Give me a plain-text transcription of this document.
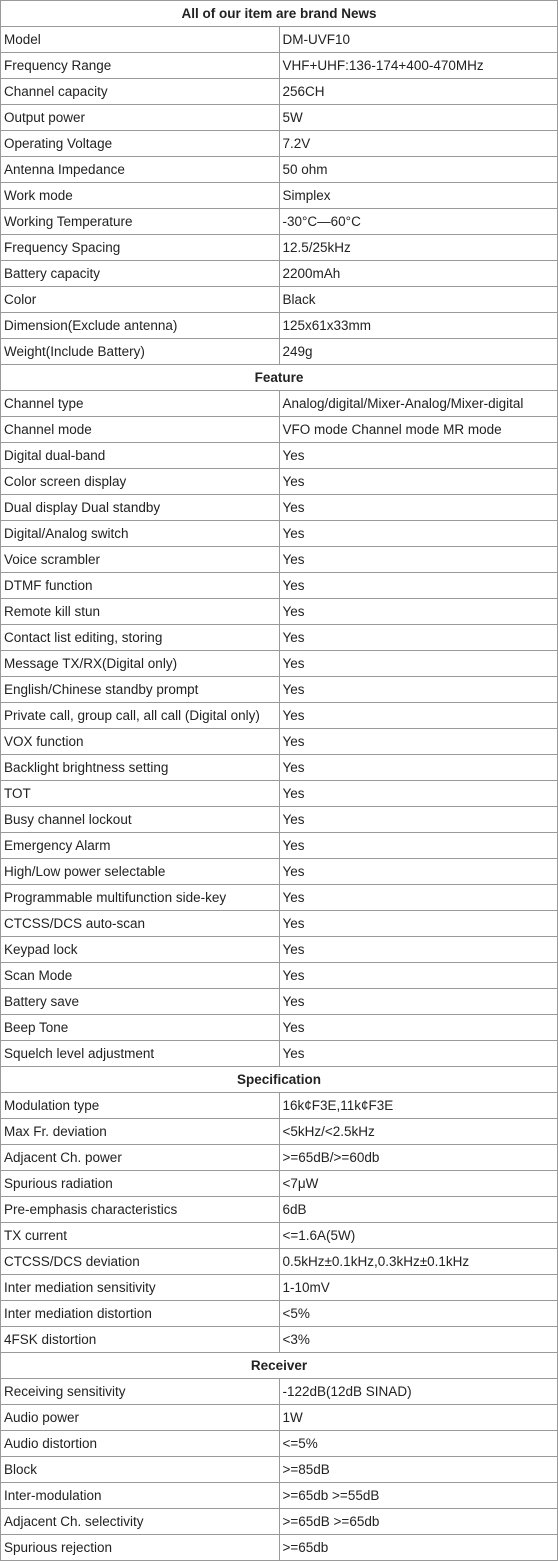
All of our item are brand News	
Model	DM-UVF10
Frequency Range	VHF+UHF:136-174+400-470MHz
Channel capacity	256CH
Output power	5W
Operating Voltage	7.2V
Antenna Impedance	50 ohm
Work mode	Simplex
Working Temperature	-30°C—60°C
Frequency Spacing	12.5/25kHz
Battery capacity	2200mAh
Color	Black
Dimension(Exclude antenna)	125x61x33mm
Weight(Include Battery)	249g
Feature	
Channel type	Analog/digital/Mixer-Analog/Mixer-digital
Channel mode	VFO mode Channel mode MR mode
Digital dual-band	Yes
Color screen display	Yes
Dual display Dual standby	Yes
Digital/Analog switch	Yes
Voice scrambler	Yes
DTMF function	Yes
Remote kill stun	Yes
Contact list editing, storing	Yes
Message TX/RX(Digital only)	Yes
English/Chinese standby prompt	Yes
Private call, group call, all call (Digital only)	Yes
VOX function	Yes
Backlight brightness setting	Yes
TOT	Yes
Busy channel lockout	Yes
Emergency Alarm	Yes
High/Low power selectable	Yes
Programmable multifunction side-key	Yes
CTCSS/DCS auto-scan	Yes
Keypad lock	Yes
Scan Mode	Yes
Battery save	Yes
Beep Tone	Yes
Squelch level adjustment	Yes
Specification	
Modulation type	16k¢F3E,11k¢F3E
Max Fr. deviation	<5kHz/<2.5kHz
Adjacent Ch. power	>=65dB/>=60db
Spurious radiation	<7μW
Pre-emphasis characteristics	6dB
TX current	<=1.6A(5W)
CTCSS/DCS deviation	0.5kHz±0.1kHz,0.3kHz±0.1kHz
Inter mediation sensitivity	1-10mV
Inter mediation distortion	<5%
4FSK distortion	<3%
Receiver	
Receiving sensitivity	-122dB(12dB SINAD)
Audio power	1W
Audio distortion	<=5%
Block	>=85dB
Inter-modulation	>=65db >=55dB
Adjacent Ch. selectivity	>=65dB >=65db
Spurious rejection	>=65db
